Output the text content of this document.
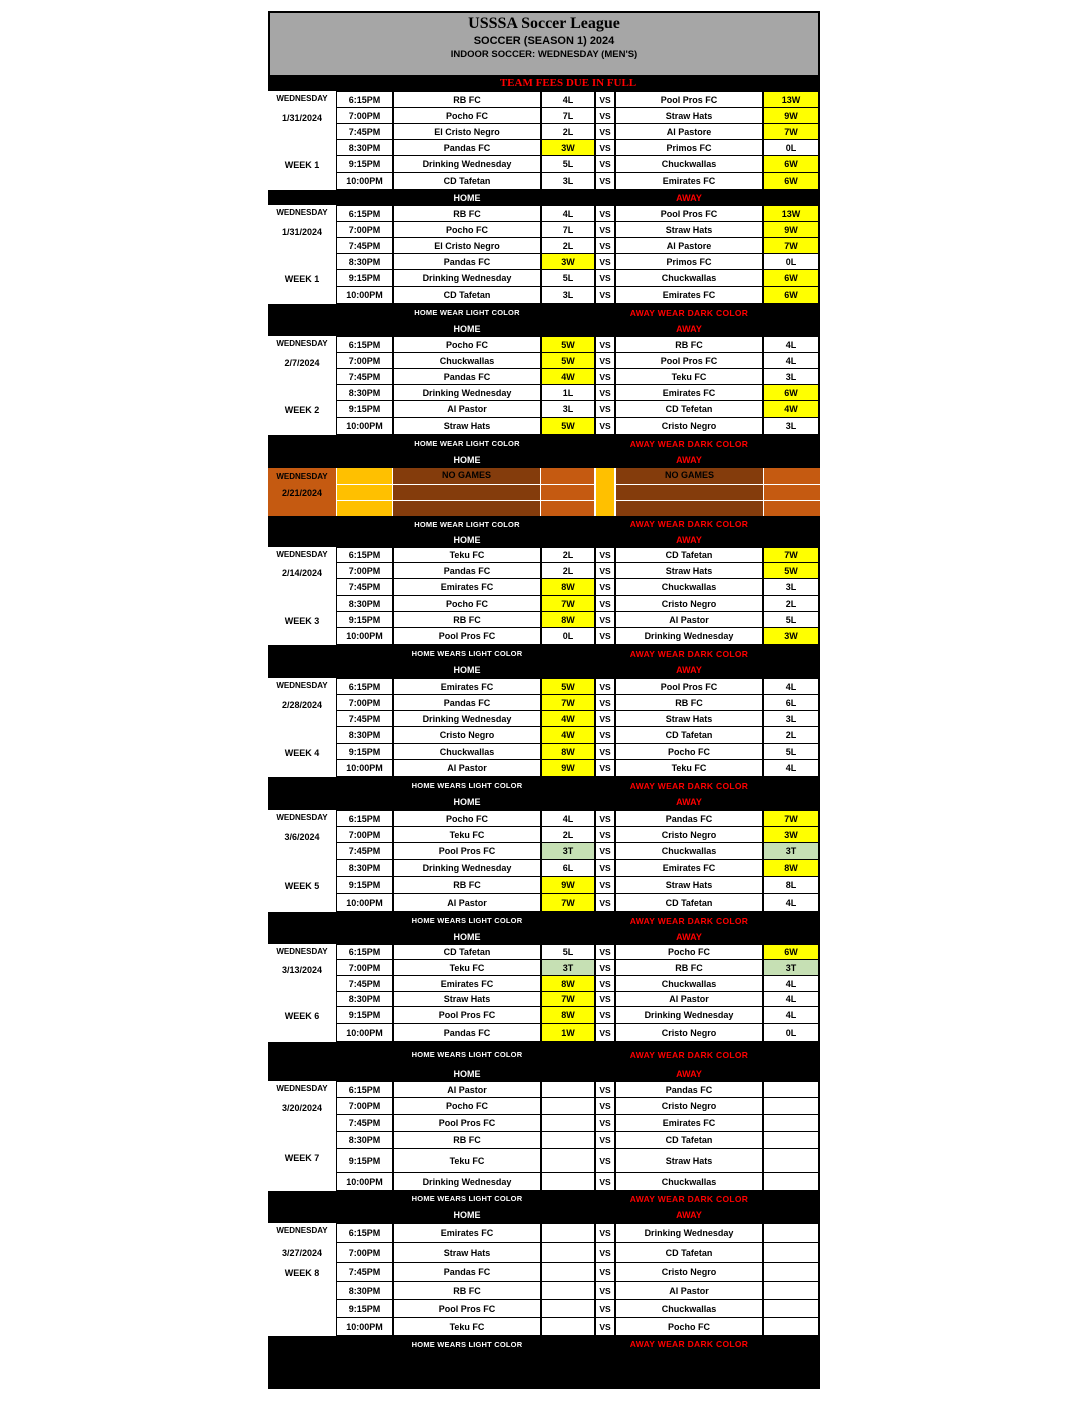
USSSA Soccer League
SOCCER (SEASON 1) 2024
INDOOR SOCCER: WEDNESDAY (MEN'S)
TEAM FEES DUE IN FULL
WEDNESDAY
1/31/2024
WEEK 1
6:15PM	RB FC	4L	VS	Pool Pros FC	13W
7:00PM	Pocho FC	7L	VS	Straw Hats	9W
7:45PM	El Cristo Negro	2L	VS	Al Pastore	7W
8:30PM	Pandas FC	3W	VS	Primos FC	0L
9:15PM	Drinking Wednesday	5L	VS	Chuckwallas	6W
10:00PM	CD Tafetan	3L	VS	Emirates FC	6W
HOME	AWAY
WEDNESDAY
1/31/2024
WEEK 1
6:15PM	RB FC	4L	VS	Pool Pros FC	13W
7:00PM	Pocho FC	7L	VS	Straw Hats	9W
7:45PM	El Cristo Negro	2L	VS	Al Pastore	7W
8:30PM	Pandas FC	3W	VS	Primos FC	0L
9:15PM	Drinking Wednesday	5L	VS	Chuckwallas	6W
10:00PM	CD Tafetan	3L	VS	Emirates FC	6W
HOME WEAR LIGHT COLOR	AWAY WEAR DARK COLOR
HOME	AWAY
WEDNESDAY
2/7/2024
WEEK 2
6:15PM	Pocho FC	5W	VS	RB FC	4L
7:00PM	Chuckwallas	5W	VS	Pool Pros FC	4L
7:45PM	Pandas FC	4W	VS	Teku FC	3L
8:30PM	Drinking Wednesday	1L	VS	Emirates FC	6W
9:15PM	Al Pastor	3L	VS	CD Tefetan	4W
10:00PM	Straw Hats	5W	VS	Cristo Negro	3L
HOME WEAR LIGHT COLOR	AWAY WEAR DARK COLOR
HOME	AWAY
WEDNESDAY
2/21/2024
NO GAMES	NO GAMES
HOME WEAR LIGHT COLOR	AWAY WEAR DARK COLOR
HOME	AWAY
WEDNESDAY
2/14/2024
WEEK 3
6:15PM	Teku FC	2L	VS	CD Tafetan	7W
7:00PM	Pandas FC	2L	VS	Straw Hats	5W
7:45PM	Emirates FC	8W	VS	Chuckwallas	3L
8:30PM	Pocho FC	7W	VS	Cristo Negro	2L
9:15PM	RB FC	8W	VS	Al Pastor	5L
10:00PM	Pool Pros FC	0L	VS	Drinking Wednesday	3W
HOME WEARS LIGHT COLOR	AWAY WEAR DARK COLOR
HOME	AWAY
WEDNESDAY
2/28/2024
WEEK 4
6:15PM	Emirates FC	5W	VS	Pool Pros FC	4L
7:00PM	Pandas FC	7W	VS	RB FC	6L
7:45PM	Drinking Wednesday	4W	VS	Straw Hats	3L
8:30PM	Cristo Negro	4W	VS	CD Tafetan	2L
9:15PM	Chuckwallas	8W	VS	Pocho FC	5L
10:00PM	Al Pastor	9W	VS	Teku FC	4L
HOME WEARS LIGHT COLOR	AWAY WEAR DARK COLOR
HOME	AWAY
WEDNESDAY
3/6/2024
WEEK 5
6:15PM	Pocho FC	4L	VS	Pandas FC	7W
7:00PM	Teku FC	2L	VS	Cristo Negro	3W
7:45PM	Pool Pros FC	3T	VS	Chuckwallas	3T
8:30PM	Drinking Wednesday	6L	VS	Emirates FC	8W
9:15PM	RB FC	9W	VS	Straw Hats	8L
10:00PM	Al Pastor	7W	VS	CD Tafetan	4L
HOME WEARS LIGHT COLOR	AWAY WEAR DARK COLOR
HOME	AWAY
WEDNESDAY
3/13/2024
WEEK 6
6:15PM	CD Tafetan	5L	VS	Pocho FC	6W
7:00PM	Teku FC	3T	VS	RB FC	3T
7:45PM	Emirates FC	8W	VS	Chuckwallas	4L
8:30PM	Straw Hats	7W	VS	Al Pastor	4L
9:15PM	Pool Pros FC	8W	VS	Drinking Wednesday	4L
10:00PM	Pandas FC	1W	VS	Cristo Negro	0L
HOME WEARS LIGHT COLOR	AWAY WEAR DARK COLOR
HOME	AWAY
WEDNESDAY
3/20/2024
WEEK 7
6:15PM	Al Pastor	VS	Pandas FC
7:00PM	Pocho FC	VS	Cristo Negro
7:45PM	Pool Pros FC	VS	Emirates FC
8:30PM	RB FC	VS	CD Tafetan
9:15PM	Teku FC	VS	Straw Hats
10:00PM	Drinking Wednesday	VS	Chuckwallas
HOME WEARS LIGHT COLOR	AWAY WEAR DARK COLOR
HOME	AWAY
WEDNESDAY
3/27/2024
WEEK 8
6:15PM	Emirates FC	VS	Drinking Wednesday
7:00PM	Straw Hats	VS	CD Tafetan
7:45PM	Pandas FC	VS	Cristo Negro
8:30PM	RB FC	VS	Al Pastor
9:15PM	Pool Pros FC	VS	Chuckwallas
10:00PM	Teku FC	VS	Pocho FC
HOME WEARS LIGHT COLOR	AWAY WEAR DARK COLOR
